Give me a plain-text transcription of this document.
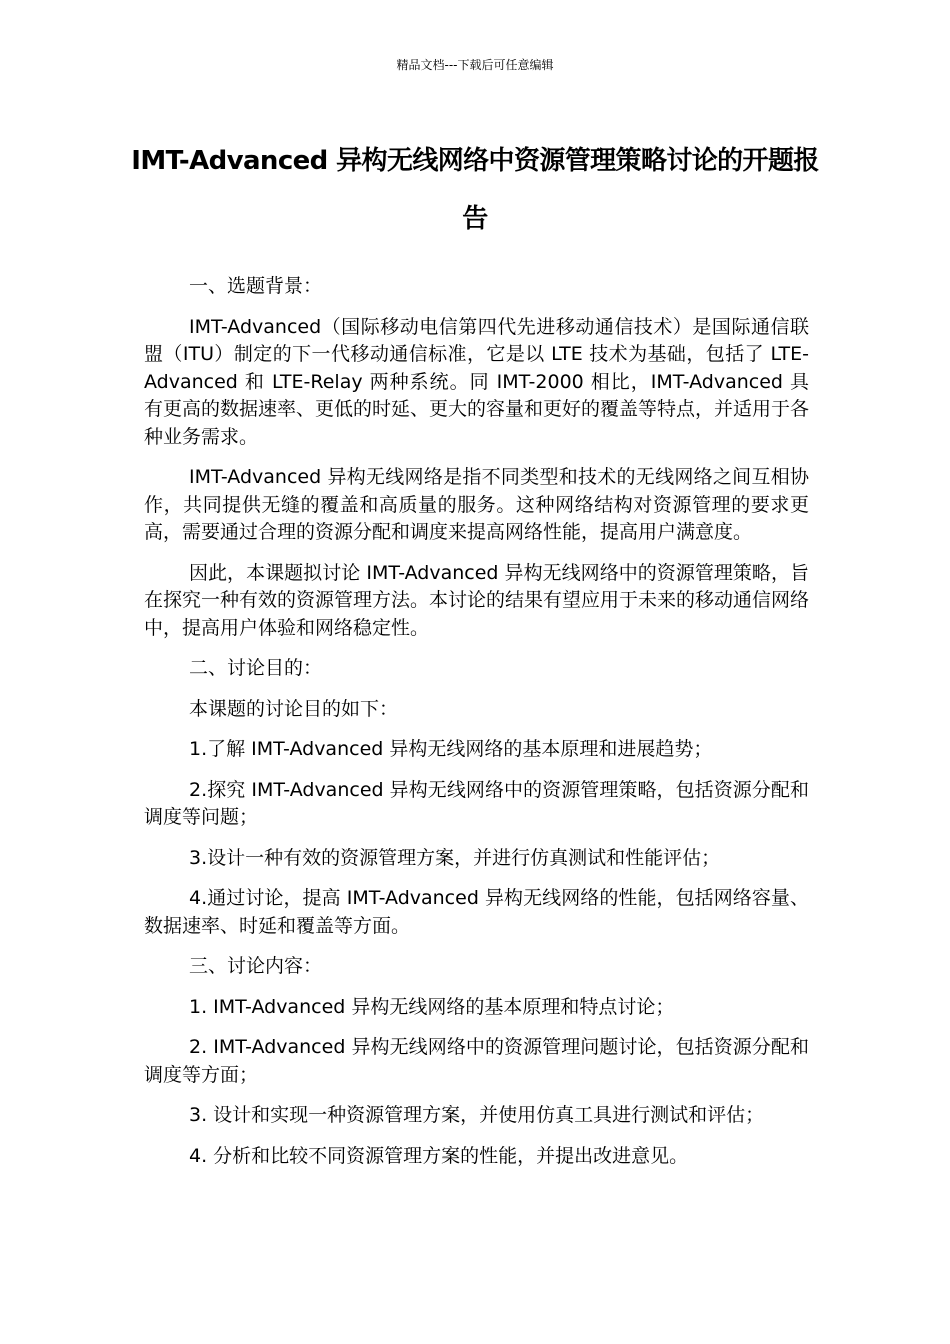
精品文档---下载后可任意编辑
IMT-Advanced 异构无线网络中资源管理策略讨论的开题报告

一、选题背景：

IMT-Advanced（国际移动电信第四代先进移动通信技术）是国际通信联盟（ITU）制定的下一代移动通信标准，它是以 LTE 技术为基础，包括了 LTE-Advanced 和 LTE-Relay 两种系统。同 IMT-2000 相比，IMT-Advanced 具有更高的数据速率、更低的时延、更大的容量和更好的覆盖等特点，并适用于各种业务需求。

IMT-Advanced 异构无线网络是指不同类型和技术的无线网络之间互相协作，共同提供无缝的覆盖和高质量的服务。这种网络结构对资源管理的要求更高，需要通过合理的资源分配和调度来提高网络性能，提高用户满意度。

因此，本课题拟讨论 IMT-Advanced 异构无线网络中的资源管理策略，旨在探究一种有效的资源管理方法。本讨论的结果有望应用于未来的移动通信网络中，提高用户体验和网络稳定性。

二、讨论目的：

本课题的讨论目的如下：

1.了解 IMT-Advanced 异构无线网络的基本原理和进展趋势；

2.探究 IMT-Advanced 异构无线网络中的资源管理策略，包括资源分配和调度等问题；

3.设计一种有效的资源管理方案，并进行仿真测试和性能评估；

4.通过讨论，提高 IMT-Advanced 异构无线网络的性能，包括网络容量、数据速率、时延和覆盖等方面。

三、讨论内容：

1. IMT-Advanced 异构无线网络的基本原理和特点讨论；

2. IMT-Advanced 异构无线网络中的资源管理问题讨论，包括资源分配和调度等方面；

3. 设计和实现一种资源管理方案，并使用仿真工具进行测试和评估；

4. 分析和比较不同资源管理方案的性能，并提出改进意见。
